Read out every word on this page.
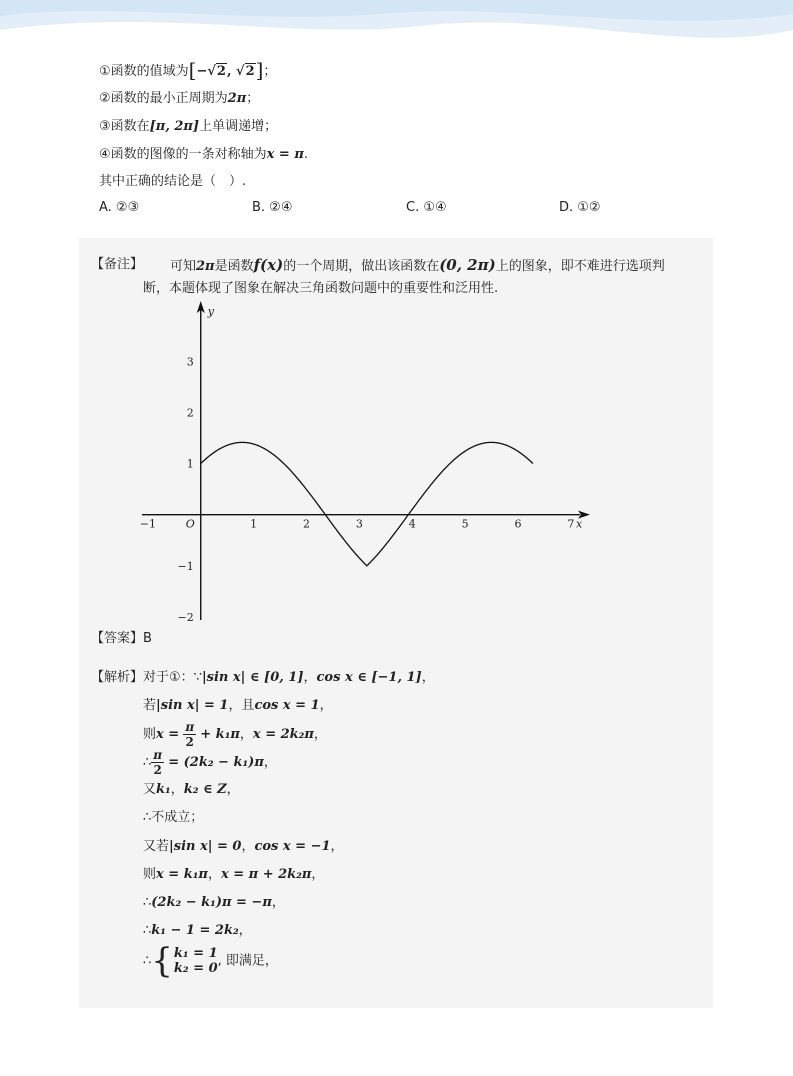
①函数的值域为[−√2, √2]；
②函数的最小正周期为2π；
③函数在[π, 2π]上单调递增；
④函数的图像的一条对称轴为x = π.
其中正确的结论是（　）.
A. ②③	B. ②④	C. ①④	D. ①②
【备注】 可知2π是函数f(x)的一个周期，做出该函数在(0, 2π)上的图象，即不难进行选项判
断，本题体现了图象在解决三角函数问题中的重要性和泛用性.
x
y
O
−1	1	2	3	4	5	6	7
3
2
1
−1
−2
【答案】B
【解析】 对于①：∵|sin x| ∈ [0, 1]，cos x ∈ [−1, 1]，
若|sin x| = 1，且cos x = 1，
则$x = \frac{\pi}{2} + k_1\pi$，x = 2k₂π，
∴ $\frac{\pi}{2} = (2k_2 - k_1)\pi$，
又k₁，k₂ ∈ Z，
∴不成立；
又若|sin x| = 0，cos x = −1，
则x = k₁π，x = π + 2k₂π，
∴(2k₂ − k₁)π = −π，
∴k₁ − 1 = 2k₂，
∴ { k₁ = 1
k₂ = 0 , 即满足，
